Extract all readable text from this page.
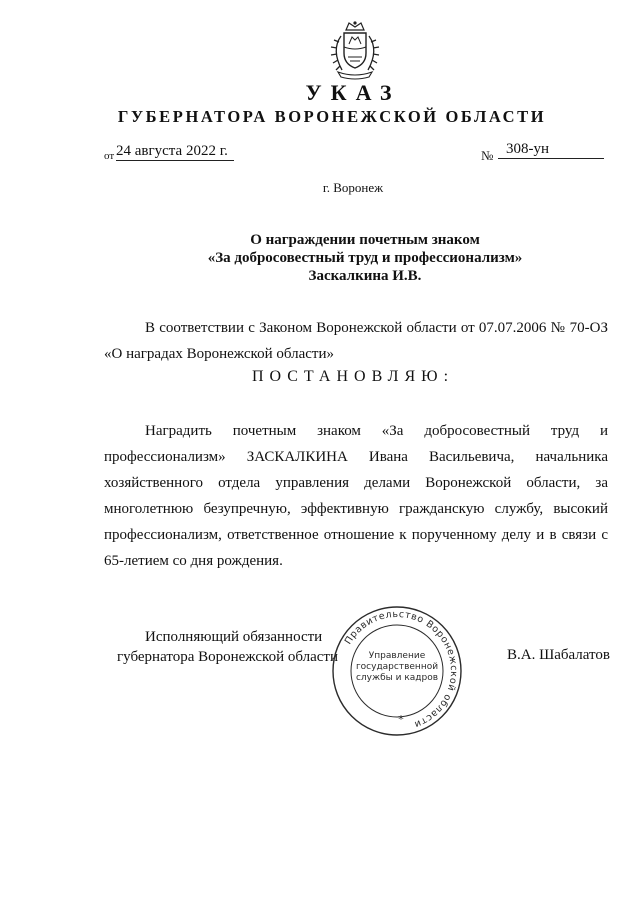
УКАЗ
ГУБЕРНАТОРА ВОРОНЕЖСКОЙ ОБЛАСТИ
от 24 августа 2022 г.	№ 308-ун
г. Воронеж
О награждении почетным знаком
«За добросовестный труд и профессионализм»
Заскалкина И.В.
В соответствии с Законом Воронежской области от 07.07.2006 № 70-ОЗ «О наградах Воронежской области»
ПОСТАНОВЛЯЮ:
Наградить почетным знаком «За добросовестный труд и профессионализм» ЗАСКАЛКИНА Ивана Васильевича, начальника хозяйственного отдела управления делами Воронежской области, за многолетнюю безупречную, эффективную гражданскую службу, высокий профессионализм, ответственное отношение к порученному делу и в связи с 65-летием со дня рождения.
Исполняющий обязанности
губернатора Воронежской области	В.А. Шабалатов
Правительство Воронежской области
Управление
государственной
службы и кадров
*
